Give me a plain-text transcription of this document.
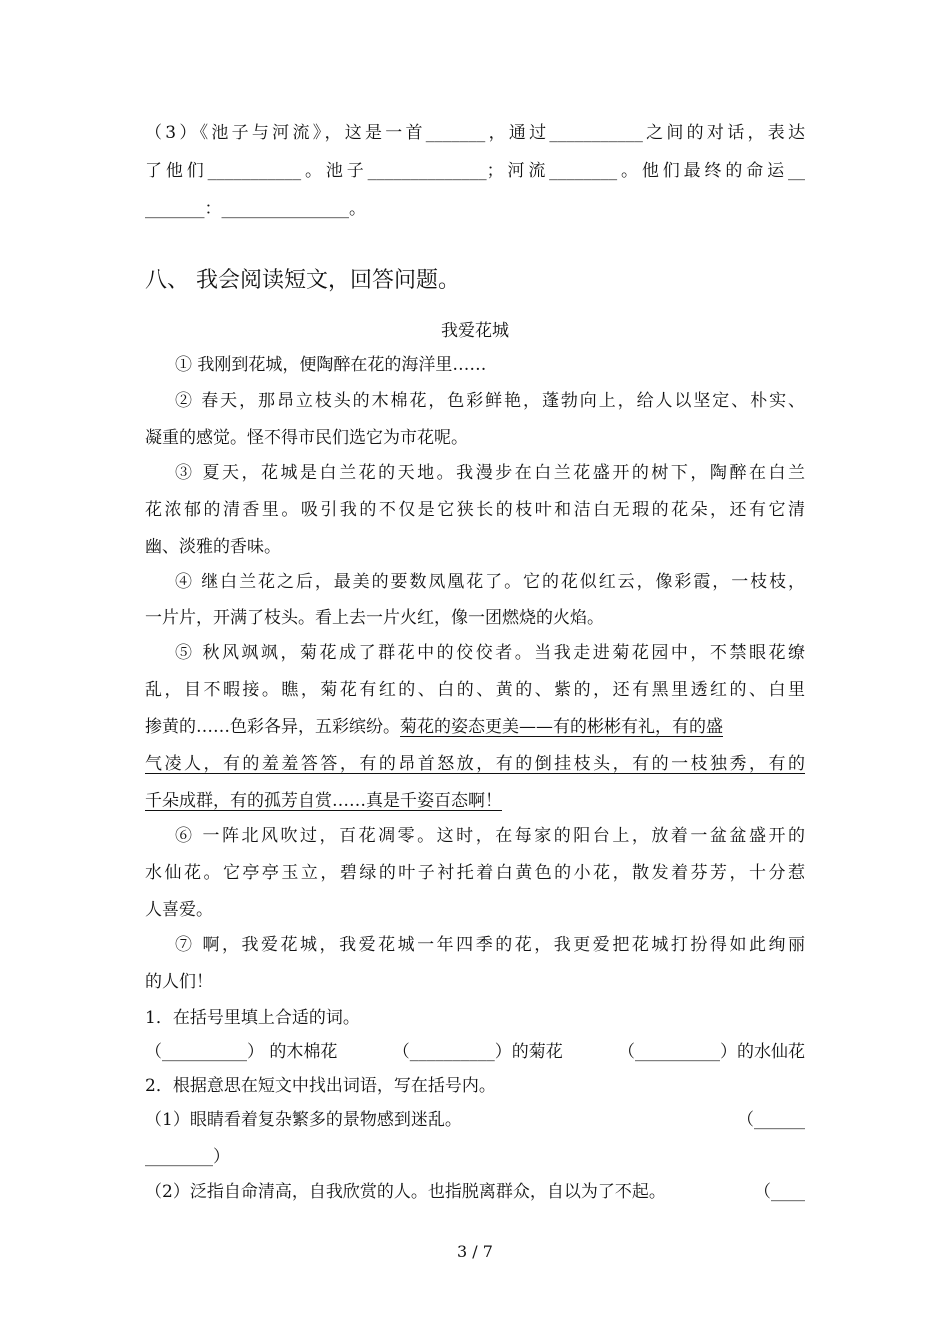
（3）《池子与河流》，这是一首_______，通过___________之间的对话，表达
了他们___________。池子______________；河流________。他们最终的命运__
_______：_______________。
八、 我会阅读短文，回答问题。
我爱花城
① 我刚到花城，便陶醉在花的海洋里……
② 春天，那昂立枝头的木棉花，色彩鲜艳，蓬勃向上，给人以坚定、朴实、
凝重的感觉。怪不得市民们选它为市花呢。
③ 夏天，花城是白兰花的天地。我漫步在白兰花盛开的树下，陶醉在白兰
花浓郁的清香里。吸引我的不仅是它狭长的枝叶和洁白无瑕的花朵，还有它清
幽、淡雅的香味。
④ 继白兰花之后，最美的要数凤凰花了。它的花似红云，像彩霞，一枝枝，
一片片，开满了枝头。看上去一片火红，像一团燃烧的火焰。
⑤ 秋风飒飒，菊花成了群花中的佼佼者。当我走进菊花园中，不禁眼花缭
乱，目不暇接。瞧，菊花有红的、白的、黄的、紫的，还有黑里透红的、白里
掺黄的……色彩各异，五彩缤纷。菊花的姿态更美——有的彬彬有礼，有的盛
气凌人，有的羞羞答答，有的昂首怒放，有的倒挂枝头，有的一枝独秀，有的
千朵成群，有的孤芳自赏……真是千姿百态啊！
⑥ 一阵北风吹过，百花凋零。这时，在每家的阳台上，放着一盆盆盛开的
水仙花。它亭亭玉立，碧绿的叶子衬托着白黄色的小花，散发着芬芳，十分惹
人喜爱。
⑦ 啊，我爱花城，我爱花城一年四季的花，我更爱把花城打扮得如此绚丽
的人们！
1．在括号里填上合适的词。
（__________） 的木棉花	（__________）的菊花	（__________）的水仙花
2．根据意思在短文中找出词语，写在括号内。
（1）眼睛看着复杂繁多的景物感到迷乱。	（______
________）
（2）泛指自命清高，自我欣赏的人。也指脱离群众，自以为了不起。	（____
3 / 7
